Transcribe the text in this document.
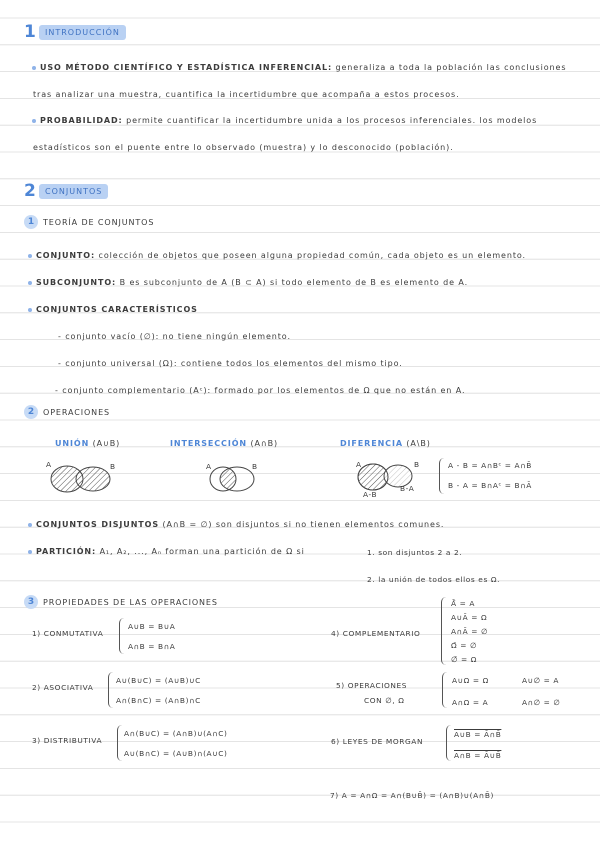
1	INTRODUCCIÓN
USO MÉTODO CIENTÍFICO Y ESTADÍSTICA INFERENCIAL: generaliza a toda la población las conclusiones
tras analizar una muestra, cuantifica la incertidumbre que acompaña a estos procesos.
PROBABILIDAD: permite cuantificar la incertidumbre unida a los procesos inferenciales. los modelos
estadísticos son el puente entre lo observado (muestra) y lo desconocido (población).
2	CONJUNTOS
1	TEORÍA DE CONJUNTOS
CONJUNTO: colección de objetos que poseen alguna propiedad común, cada objeto es un elemento.
SUBCONJUNTO: B es subconjunto de A (B ⊂ A) si todo elemento de B es elemento de A.
CONJUNTOS CARACTERÍSTICOS
- conjunto vacío (∅): no tiene ningún elemento.
- conjunto universal (Ω): contiene todos los elementos del mismo tipo.
- conjunto complementario (Aᶜ): formado por los elementos de Ω que no están en A.
2	OPERACIONES
UNIÓN (A∪B)	INTERSECCIÓN (A∩B)	DIFERENCIA (A\B)
A	B	A	B	A	B
A-B
B-A
A - B = A∩Bᶜ = A∩B̄
B - A = B∩Aᶜ = B∩Ā
CONJUNTOS DISJUNTOS (A∩B = ∅) son disjuntos si no tienen elementos comunes.
PARTICIÓN: A₁, A₂, ..., Aₙ forman una partición de Ω si	1. son disjuntos 2 a 2.
2. la unión de todos ellos es Ω.
3	PROPIEDADES DE LAS OPERACIONES
1) CONMUTATIVA
A∪B = B∪A
A∩B = B∩A
2) ASOCIATIVA
A∪(B∪C) = (A∪B)∪C
A∩(B∩C) = (A∩B)∩C
3) DISTRIBUTIVA
A∩(B∪C) = (A∩B)∪(A∩C)
A∪(B∩C) = (A∪B)∩(A∪C)
4) COMPLEMENTARIO
Ā̄ = A
A∪Ā = Ω
A∩Ā = ∅
Ω̄ = ∅
∅̄ = Ω
5) OPERACIONES
CON ∅, Ω
A∪Ω = Ω	A∪∅ = A
A∩Ω = A	A∩∅ = ∅
6) LEYES DE MORGAN
A∪B = Ā∩B̄
A∩B = Ā∪B̄
7) A = A∩Ω = A∩(B∪B̄) = (A∩B)∪(A∩B̄)
